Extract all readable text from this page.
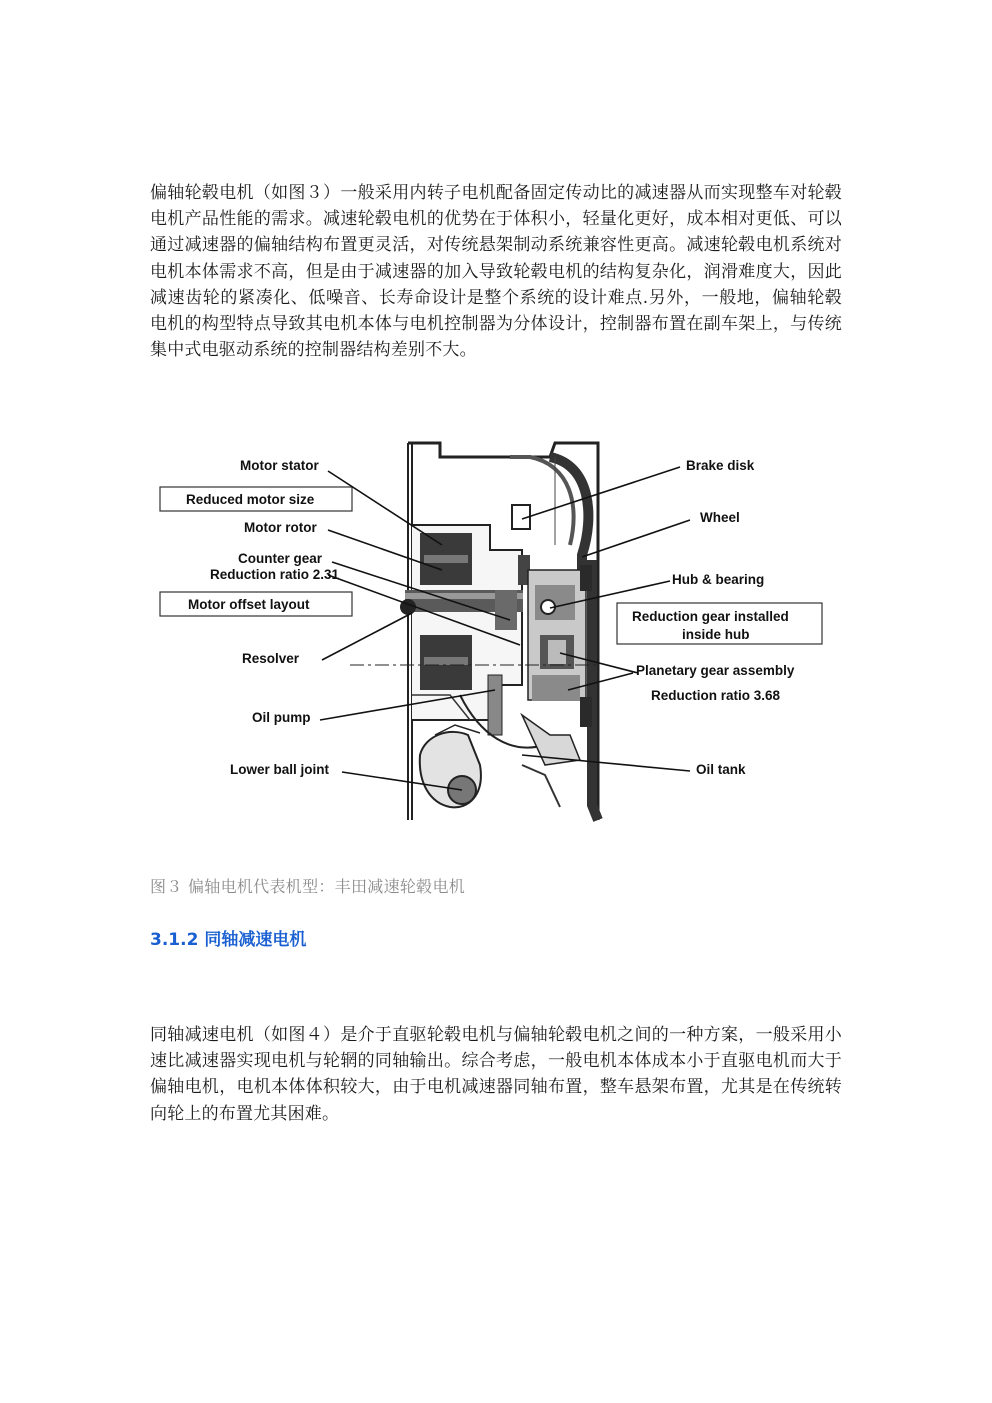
偏轴轮毂电机（如图３）一般采用内转子电机配备固定传动比的减速器从而实现整车对轮毂电机产品性能的需求。减速轮毂电机的优势在于体积小，轻量化更好，成本相对更低、可以通过减速器的偏轴结构布置更灵活，对传统悬架制动系统兼容性更高。减速轮毂电机系统对电机本体需求不高，但是由于减速器的加入导致轮毂电机的结构复杂化，润滑难度大，因此减速齿轮的紧凑化、低噪音、长寿命设计是整个系统的设计难点.另外，一般地，偏轴轮毂电机的构型特点导致其电机本体与电机控制器为分体设计，控制器布置在副车架上，与传统集中式电驱动系统的控制器结构差别不大。

Motor stator
Reduced motor size
Motor rotor
Counter gear
Reduction ratio 2.31
Motor offset layout
Resolver
Oil pump
Lower ball joint
Brake disk
Wheel
Hub & bearing
Reduction gear installed
inside hub
Planetary gear assembly
Reduction ratio 3.68
Oil tank

图３ 偏轴电机代表机型：丰田减速轮毂电机

3.1.2 同轴减速电机

同轴减速电机（如图４）是介于直驱轮毂电机与偏轴轮毂电机之间的一种方案，一般采用小速比减速器实现电机与轮辋的同轴输出。综合考虑，一般电机本体成本小于直驱电机而大于偏轴电机，电机本体体积较大，由于电机减速器同轴布置，整车悬架布置，尤其是在传统转向轮上的布置尤其困难。
